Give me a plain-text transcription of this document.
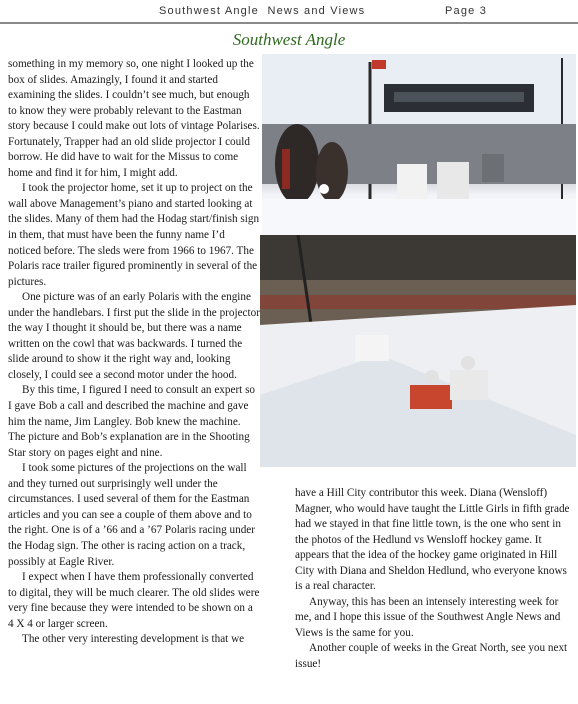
Southwest Angle  News and Views	Page 3
Southwest Angle

something in my memory so, one night I looked up the box of slides. Amazingly, I found it and started examining the slides. I couldn’t see much, but enough to know they were probably relevant to the Eastman story because I could make out lots of vintage Polarises. Fortunately, Trapper had an old slide projector I could borrow. He did have to wait for the Missus to come home and find it for him, I might add.

I took the projector home, set it up to project on the wall above Management’s piano and started looking at the slides. Many of them had the Hodag start/finish sign in them, that must have been the funny name I’d noticed before. The sleds were from 1966 to 1967. The Polaris race trailer figured prominently in several of the pictures.

One picture was of an early Polaris with the engine under the handlebars. I first put the slide in the projector the way I thought it should be, but there was a name written on the cowl that was backwards. I turned the slide around to show it the right way and, looking closely, I could see a second motor under the hood.

By this time, I figured I need to consult an expert so I gave Bob a call and described the machine and gave him the name, Jim Langley. Bob knew the machine. The picture and Bob’s explanation are in the Shooting Star story on pages eight and nine.

I took some pictures of the projections on the wall and they turned out surprisingly well under the circumstances. I used several of them for the Eastman articles and you can see a couple of them above and to the right. One is of a ’66 and a ’67 Polaris racing under the Hodag sign. The other is racing action on a track, possibly at Eagle River.

I expect when I have them professionally converted to digital, they will be much clearer. The old slides were very fine because they were intended to be shown on a 4 X 4 or larger screen.

The other very interesting development is that we

have a Hill City contributor this week. Diana (Wensloff) Magner, who would have taught the Little Girls in fifth grade had we stayed in that fine little town, is the one who sent in the photos of the Hedlund vs Wensloff hockey game. It appears that the idea of the hockey game originated in Hill City with Diana and Sheldon Hedlund, who everyone knows is a real character.

Anyway, this has been an intensely interesting week for me, and I hope this issue of the Southwest Angle News and Views is the same for you.

Another couple of weeks in the Great North, see you next issue!
